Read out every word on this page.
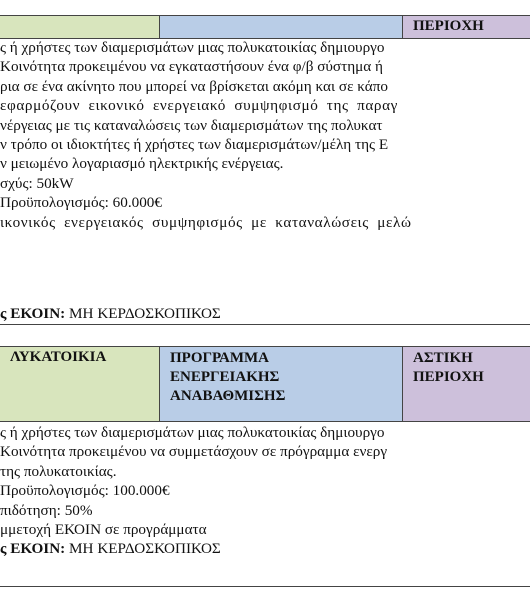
ΠΕΡΙΟΧΗ
ς ή χρήστες των διαμερισμάτων μιας πολυκατοικίας δημιουργο
Κοινότητα προκειμένου να εγκαταστήσουν ένα φ/β σύστημα ή
ρια σε ένα ακίνητο που μπορεί να βρίσκεται ακόμη και σε κάπο
εφαρμόζουν εικονικό ενεργειακό συμψηφισμό της παραγ
νέργειας με τις καταναλώσεις των διαμερισμάτων της πολυκατ
ν τρόπο οι ιδιοκτήτες ή χρήστες των διαμερισμάτων/μέλη της Ε
ν μειωμένο λογαριασμό ηλεκτρικής ενέργειας.
σχύς: 50kW
Προϋπολογισμός: 60.000€
ικονικός ενεργειακός συμψηφισμός με καταναλώσεις μελώ
ς ΕΚΟΙΝ: ΜΗ ΚΕΡΔΟΣΚΟΠΙΚΟΣ
ΛΥΚΑΤΟΙΚΙΑ	ΠΡΟΓΡΑΜΜΑ
ΕΝΕΡΓΕΙΑΚΗΣ
ΑΝΑΒΑΘΜΙΣΗΣ
ΑΣΤΙΚΗ
ΠΕΡΙΟΧΗ
ς ή χρήστες των διαμερισμάτων μιας πολυκατοικίας δημιουργο
Κοινότητα προκειμένου να συμμετάσχουν σε πρόγραμμα ενεργ
της πολυκατοικίας.
Προϋπολογισμός: 100.000€
πιδότηση: 50%
μμετοχή ΕΚΟΙΝ σε προγράμματα
ς ΕΚΟΙΝ: ΜΗ ΚΕΡΔΟΣΚΟΠΙΚΟΣ
